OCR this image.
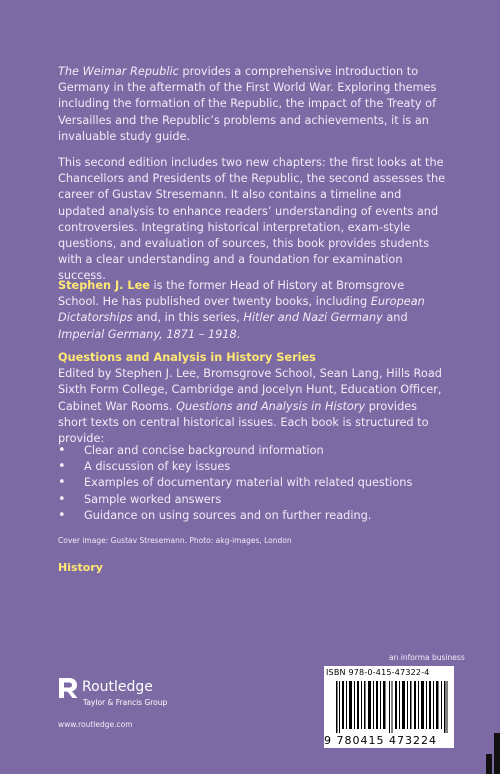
The Weimar Republic provides a comprehensive introduction to Germany in the aftermath of the First World War. Exploring themes including the formation of the Republic, the impact of the Treaty of Versailles and the Republic’s problems and achievements, it is an invaluable study guide.
This second edition includes two new chapters: the first looks at the Chancellors and Presidents of the Republic, the second assesses the career of Gustav Stresemann. It also contains a timeline and updated analysis to enhance readers’ understanding of events and controversies. Integrating historical interpretation, exam-style questions, and evaluation of sources, this book provides students with a clear understanding and a foundation for examination success.
Stephen J. Lee is the former Head of History at Bromsgrove School. He has published over twenty books, including European Dictatorships and, in this series, Hitler and Nazi Germany and Imperial Germany, 1871 – 1918.
Questions and Analysis in History Series
Edited by Stephen J. Lee, Bromsgrove School, Sean Lang, Hills Road Sixth Form College, Cambridge and Jocelyn Hunt, Education Officer, Cabinet War Rooms. Questions and Analysis in History provides short texts on central historical issues. Each book is structured to provide:
• Clear and concise background information
• A discussion of key issues
• Examples of documentary material with related questions
• Sample worked answers
• Guidance on using sources and on further reading.
Cover image: Gustav Stresemann. Photo: akg-images, London
History
an informa business
ISBN 978-0-415-47322-4
9 780415 473224
Routledge
Taylor & Francis Group
www.routledge.com
